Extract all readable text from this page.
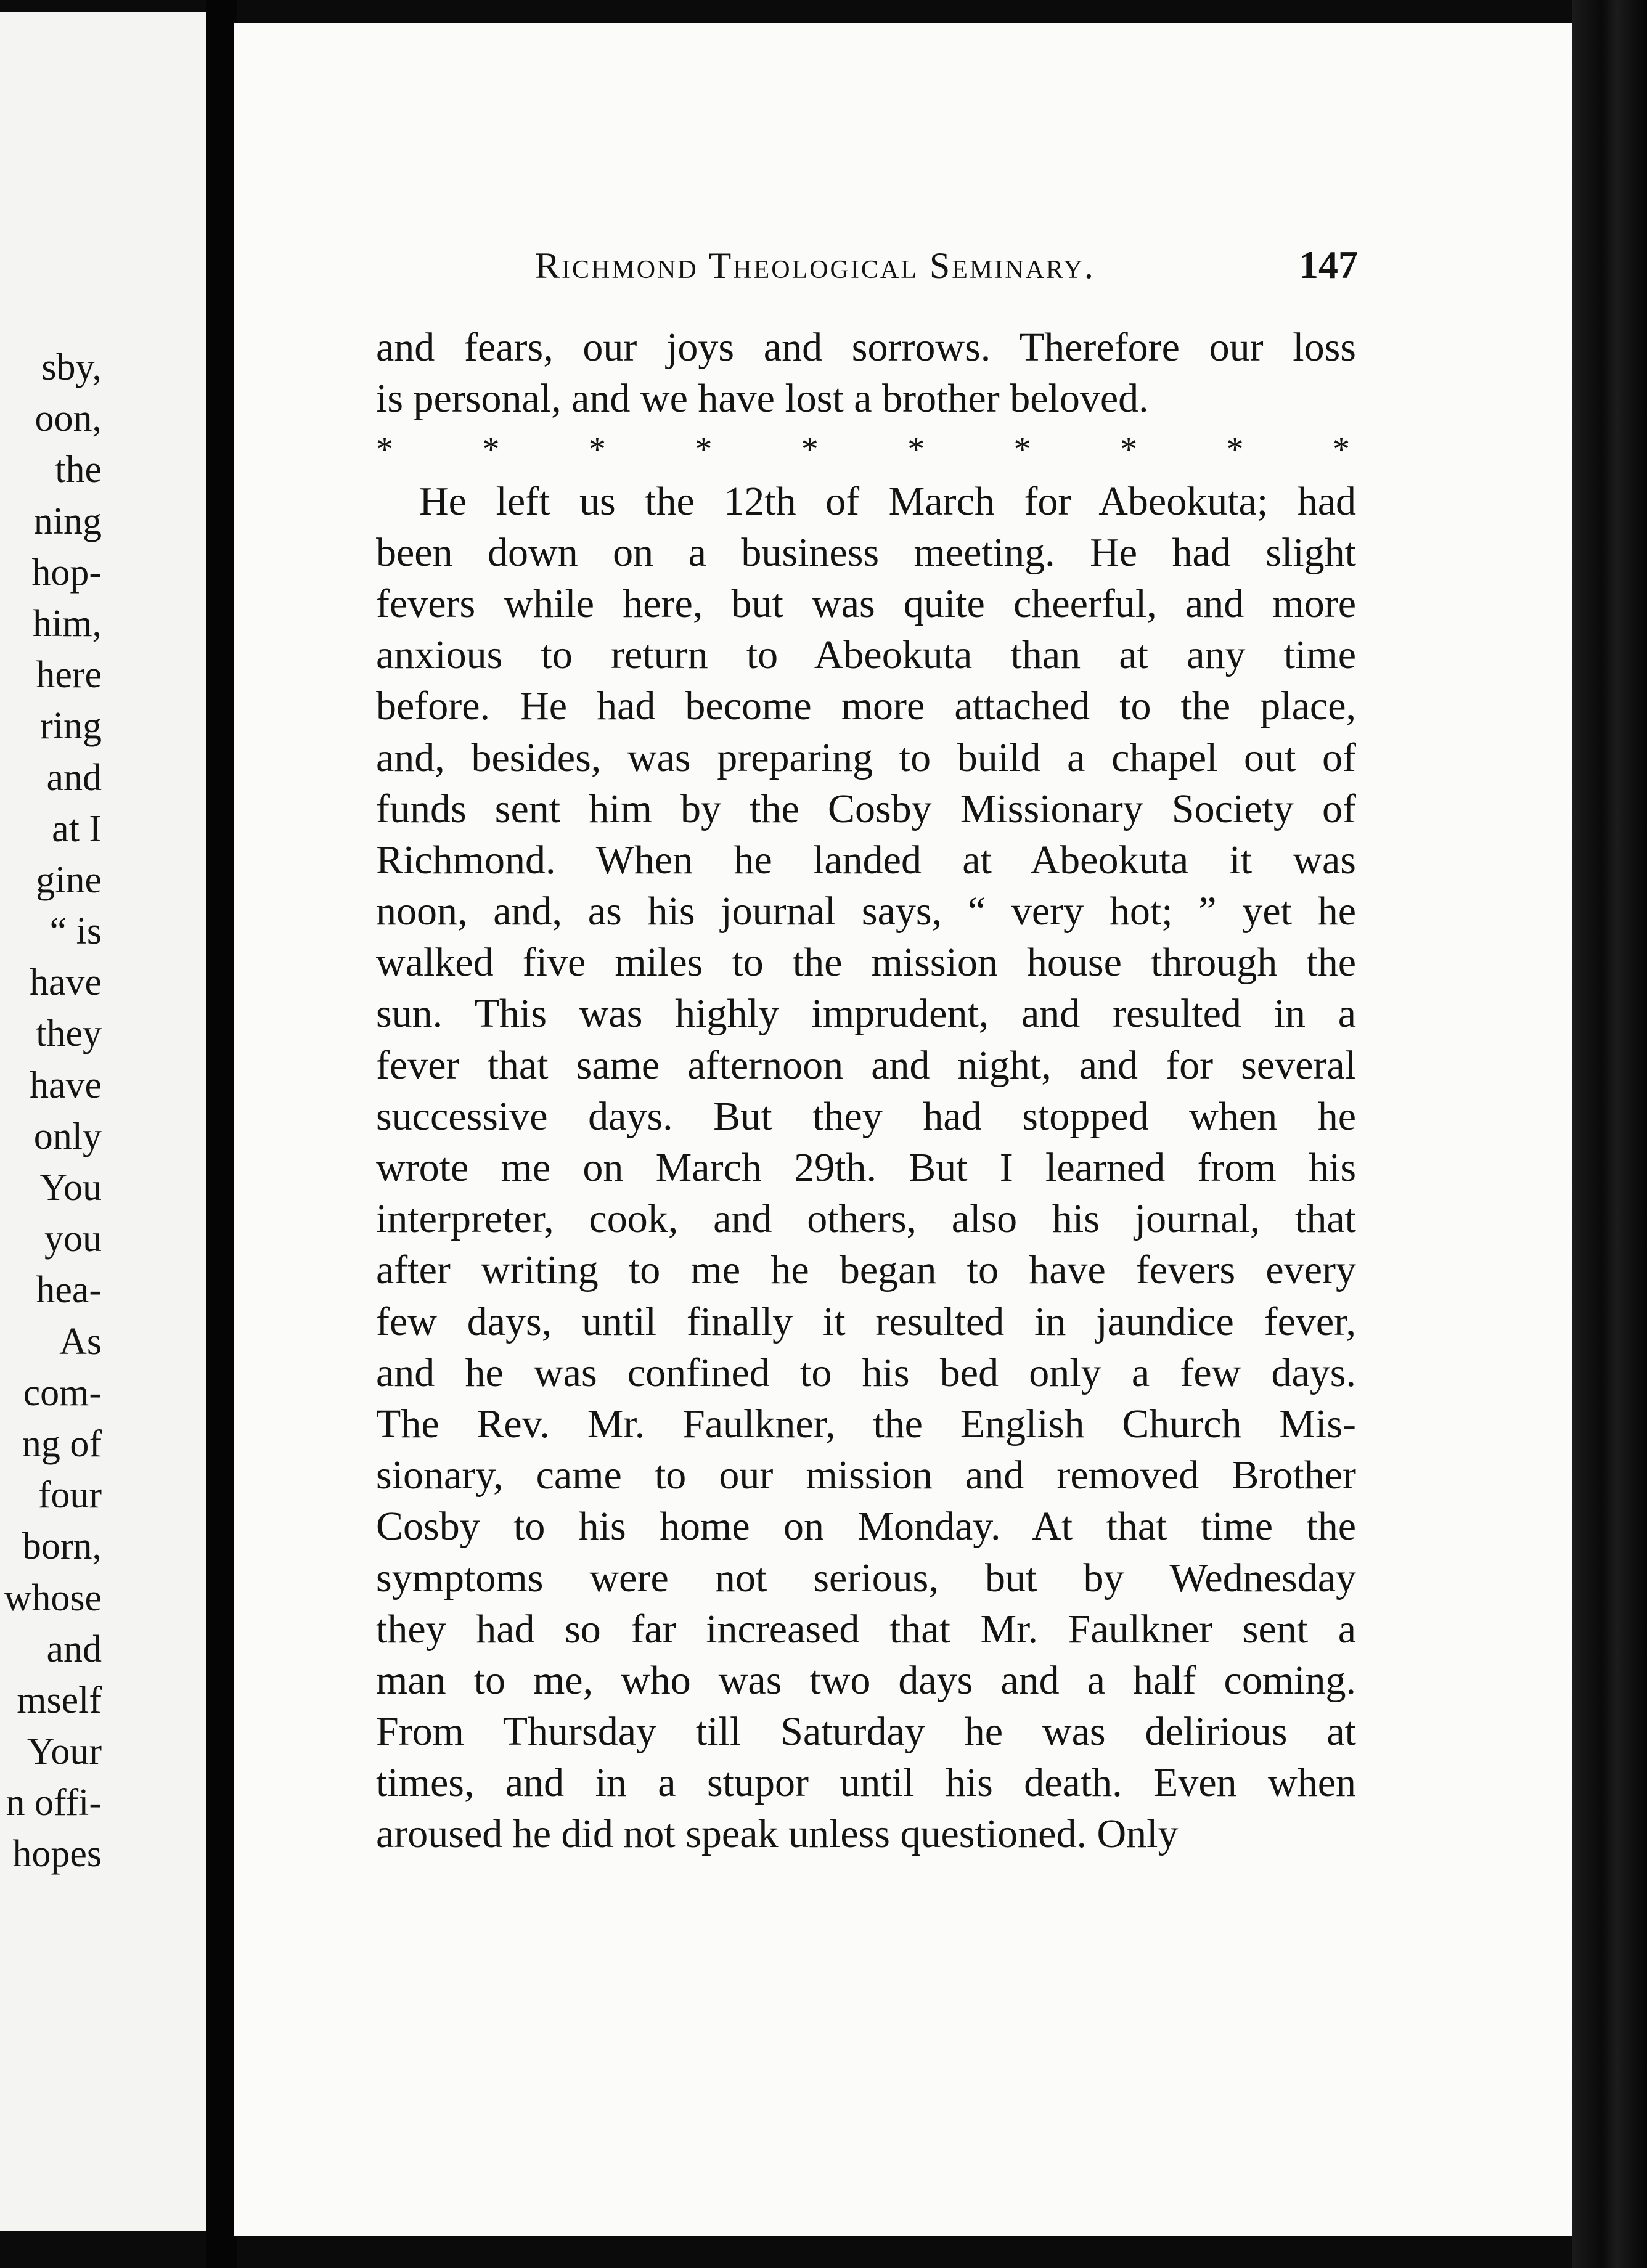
sby,
oon,
the
ning
hop-
him,
here
ring
and
at I
gine
“ is
have
they
have
only
You
you
hea-
As
com-
ng of
four
born,
whose
and
mself
Your
n offi-
hopes
Richmond Theological Seminary.	147
and fears, our joys and sorrows. Therefore our loss
is personal, and we have lost a brother beloved.
*	*	*	*	*	*	*	*	*	*
He left us the 12th of March for Abeokuta; had
been down on a business meeting. He had slight
fevers while here, but was quite cheerful, and more
anxious to return to Abeokuta than at any time
before. He had become more attached to the place,
and, besides, was preparing to build a chapel out of
funds sent him by the Cosby Missionary Society of
Richmond. When he landed at Abeokuta it was
noon, and, as his journal says, “ very hot; ” yet he
walked five miles to the mission house through the
sun. This was highly imprudent, and resulted in a
fever that same afternoon and night, and for several
successive days. But they had stopped when he
wrote me on March 29th. But I learned from his
interpreter, cook, and others, also his journal, that
after writing to me he began to have fevers every
few days, until finally it resulted in jaundice fever,
and he was confined to his bed only a few days.
The Rev. Mr. Faulkner, the English Church Mis-
sionary, came to our mission and removed Brother
Cosby to his home on Monday. At that time the
symptoms were not serious, but by Wednesday
they had so far increased that Mr. Faulkner sent a
man to me, who was two days and a half coming.
From Thursday till Saturday he was delirious at
times, and in a stupor until his death. Even when
aroused he did not speak unless questioned. Only
